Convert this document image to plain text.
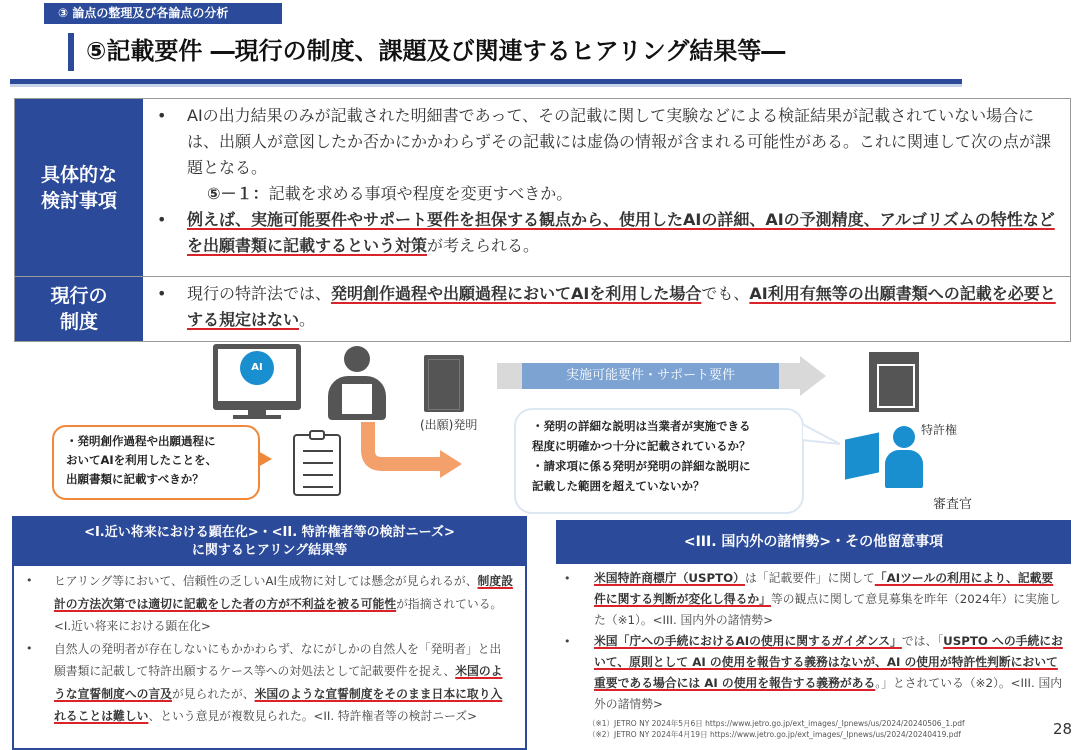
③ 論点の整理及び各論点の分析
⑤記載要件 ―現行の制度、課題及び関連するヒアリング結果等―
具体的な
検討事項
•	AIの出力結果のみが記載された明細書であって、その記載に関して実験などによる検証結果が記載されていない場合には、出願人が意図したか否かにかかわらずその記載には虚偽の情報が含まれる可能性がある。これに関連して次の点が課題となる。
⑤－１：記載を求める事項や程度を変更すべきか。
•	例えば、実施可能要件やサポート要件を担保する観点から、使用したAIの詳細、AIの予測精度、アルゴリズムの特性などを出願書類に記載するという対策が考えられる。
現行の
制度
•	現行の特許法では、発明創作過程や出願過程においてAIを利用した場合でも、AI利用有無等の出願書類への記載を必要とする規定はない。
AI
(出願)発明
実施可能要件・サポート要件
特許権
審査官
・発明創作過程や出願過程に
おいてAIを利用したことを、
出願書類に記載すべきか？
・発明の詳細な説明は当業者が実施できる
程度に明確かつ十分に記載されているか？
・請求項に係る発明が発明の詳細な説明に
記載した範囲を超えていないか？
<I.近い将来における顕在化>・<II. 特許権者等の検討ニーズ>
に関するヒアリング結果等
•	ヒアリング等において、信頼性の乏しいAI生成物に対しては懸念が見られるが、制度設計の方法次第では適切に記載をした者の方が不利益を被る可能性が指摘されている。<I.近い将来における顕在化>
•	自然人の発明者が存在しないにもかかわらず、なにがしかの自然人を「発明者」と出願書類に記載して特許出願するケース等への対処法として記載要件を捉え、米国のような宣誓制度への言及が見られたが、米国のような宣誓制度をそのまま日本に取り入れることは難しい、という意見が複数見られた。<II. 特許権者等の検討ニーズ>
<III. 国内外の諸情勢>・その他留意事項
•	米国特許商標庁（USPTO）は「記載要件」に関して「AIツールの利用により、記載要件に関する判断が変化し得るか」等の観点に関して意見募集を昨年（2024年）に実施した（※1）。<III. 国内外の諸情勢>
•	米国「庁への手続におけるAIの使用に関するガイダンス」では、「USPTO への手続において、原則として AI の使用を報告する義務はないが、AI の使用が特許性判断において重要である場合には AI の使用を報告する義務がある。」とされている（※2）。<III. 国内外の諸情勢>
（※1）JETRO NY 2024年5月6日 https://www.jetro.go.jp/ext_images/_Ipnews/us/2024/20240506_1.pdf
（※2）JETRO NY 2024年4月19日 https://www.jetro.go.jp/ext_images/_Ipnews/us/2024/20240419.pdf	28
